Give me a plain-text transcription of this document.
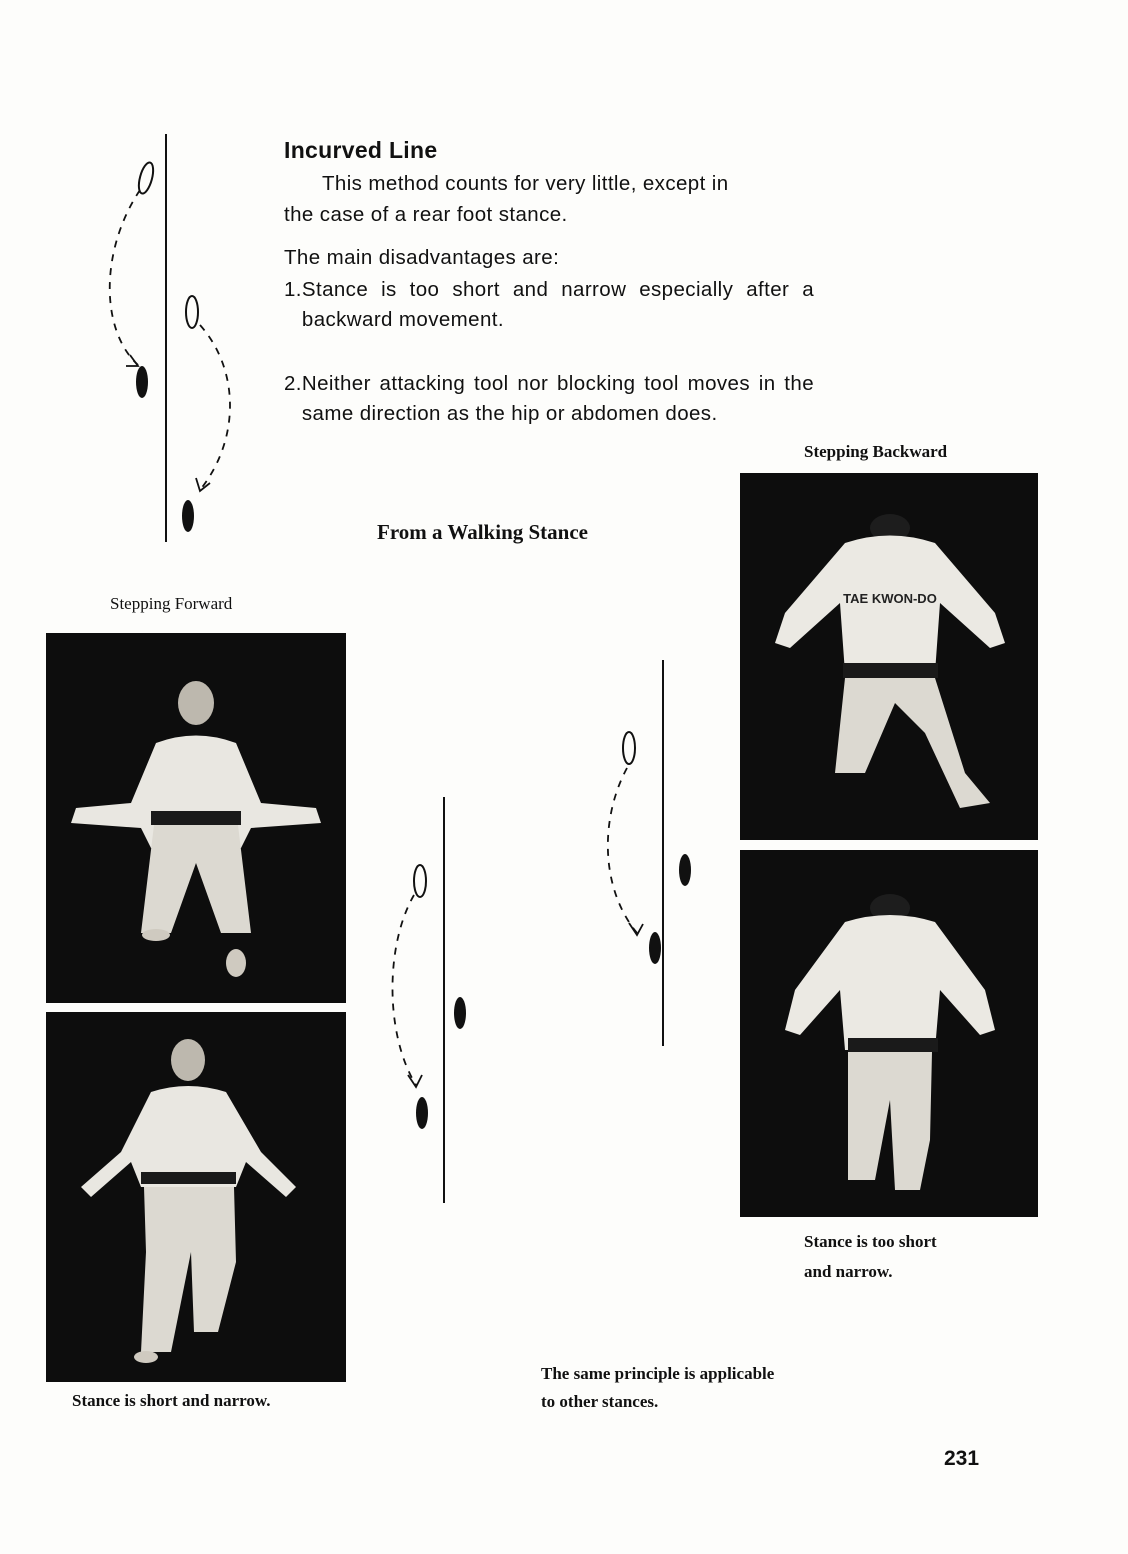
Incurved Line
This method counts for very little, except in
the case of a rear foot stance.
The main disadvantages are:
1. Stance is too short and narrow especially after a backward movement.
2. Neither attacking tool nor blocking tool moves in the same direction as the hip or abdomen does.
Stepping Backward
From a Walking Stance
Stepping Forward
Stance is short and narrow.
TAE KWON-DO
Stance is too short
and narrow.
The same principle is applicable
to other stances.
231
